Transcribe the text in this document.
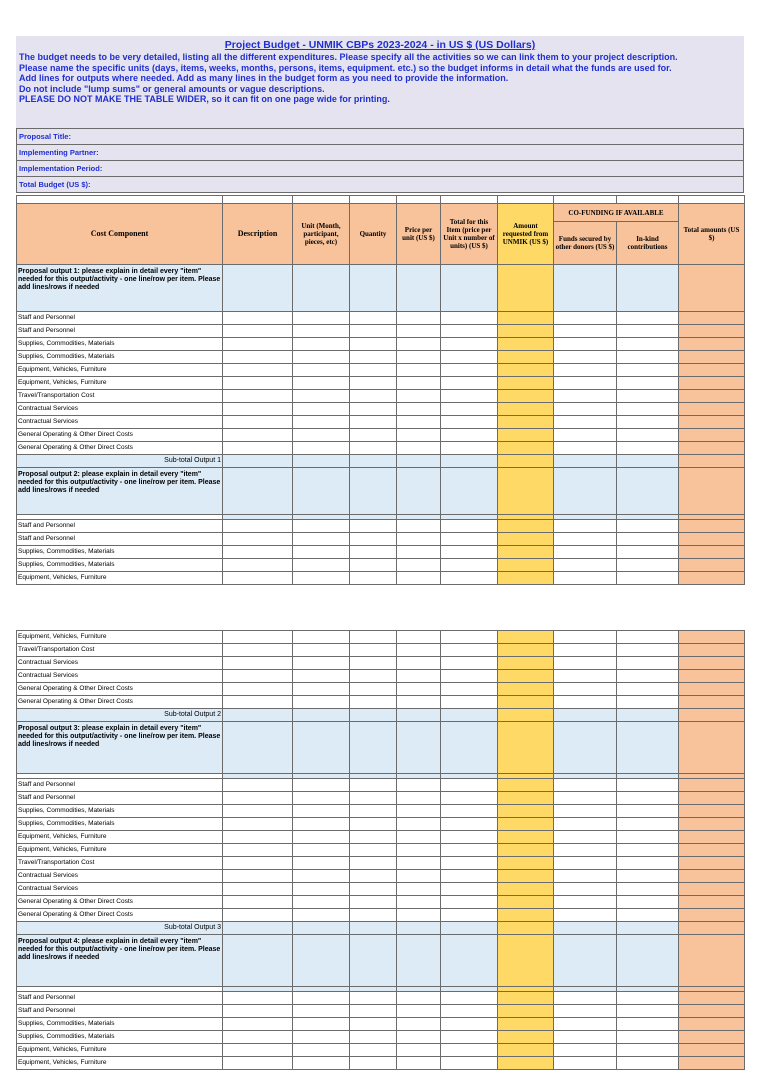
Project Budget - UNMIK CBPs 2023-2024 - in US $ (US Dollars)
The budget needs to be very detailed, listing all the different expenditures. Please specify all the activities so we can link them to your project description.
Please name the specific units (days, items, weeks, months, persons, items, equipment. etc.) so the budget informs in detail what the funds are used for.
Add lines for outputs where needed. Add as many lines in the budget form as you need to provide the information.
Do not include "lump sums" or general amounts or vague descriptions.
PLEASE DO NOT MAKE THE TABLE WIDER, so it can fit on one page wide for printing.
Proposal Title:
Implementing Partner:
Implementation Period:
Total Budget (US $):

Cost Component	Description	Unit (Month, participant, pieces, etc)	Quantity	Price per unit (US $)	Total for this Item (price per Unit x number of units) (US $)	Amount requested from UNMIK (US $)	CO-FUNDING IF AVAILABLE		Total amounts (US $)
							Funds secured by other donors (US $)	In-kind contributions	
Proposal output 1: please explain in detail every "item" needed for this output/activity - one line/row per item. Please add lines/rows if needed									
Staff and Personnel									
Staff and Personnel									
Supplies, Commodities, Materials									
Supplies, Commodities, Materials									
Equipment, Vehicles, Furniture									
Equipment, Vehicles, Furniture									
Travel/Transportation Cost									
Contractual Services									
Contractual Services									
General Operating & Other Direct Costs									
General Operating & Other Direct Costs									
Sub-total Output 1									
Proposal output 2: please explain in detail every "item" needed for this output/activity - one line/row per item. Please add lines/rows if needed									

Staff and Personnel									
Staff and Personnel									
Supplies, Commodities, Materials									
Supplies, Commodities, Materials									
Equipment, Vehicles, Furniture									
Equipment, Vehicles, Furniture									
Travel/Transportation Cost									
Contractual Services									
Contractual Services									
General Operating & Other Direct Costs									
General Operating & Other Direct Costs									
Sub-total Output 2									
Proposal output 3: please explain in detail every "item" needed for this output/activity - one line/row per item. Please add lines/rows if needed									

Staff and Personnel									
Staff and Personnel									
Supplies, Commodities, Materials									
Supplies, Commodities, Materials									
Equipment, Vehicles, Furniture									
Equipment, Vehicles, Furniture									
Travel/Transportation Cost									
Contractual Services									
Contractual Services									
General Operating & Other Direct Costs									
General Operating & Other Direct Costs									
Sub-total Output 3									
Proposal output 4: please explain in detail every "item" needed for this output/activity - one line/row per item. Please add lines/rows if needed									

Staff and Personnel									
Staff and Personnel									
Supplies, Commodities, Materials									
Supplies, Commodities, Materials									
Equipment, Vehicles, Furniture									
Equipment, Vehicles, Furniture									
